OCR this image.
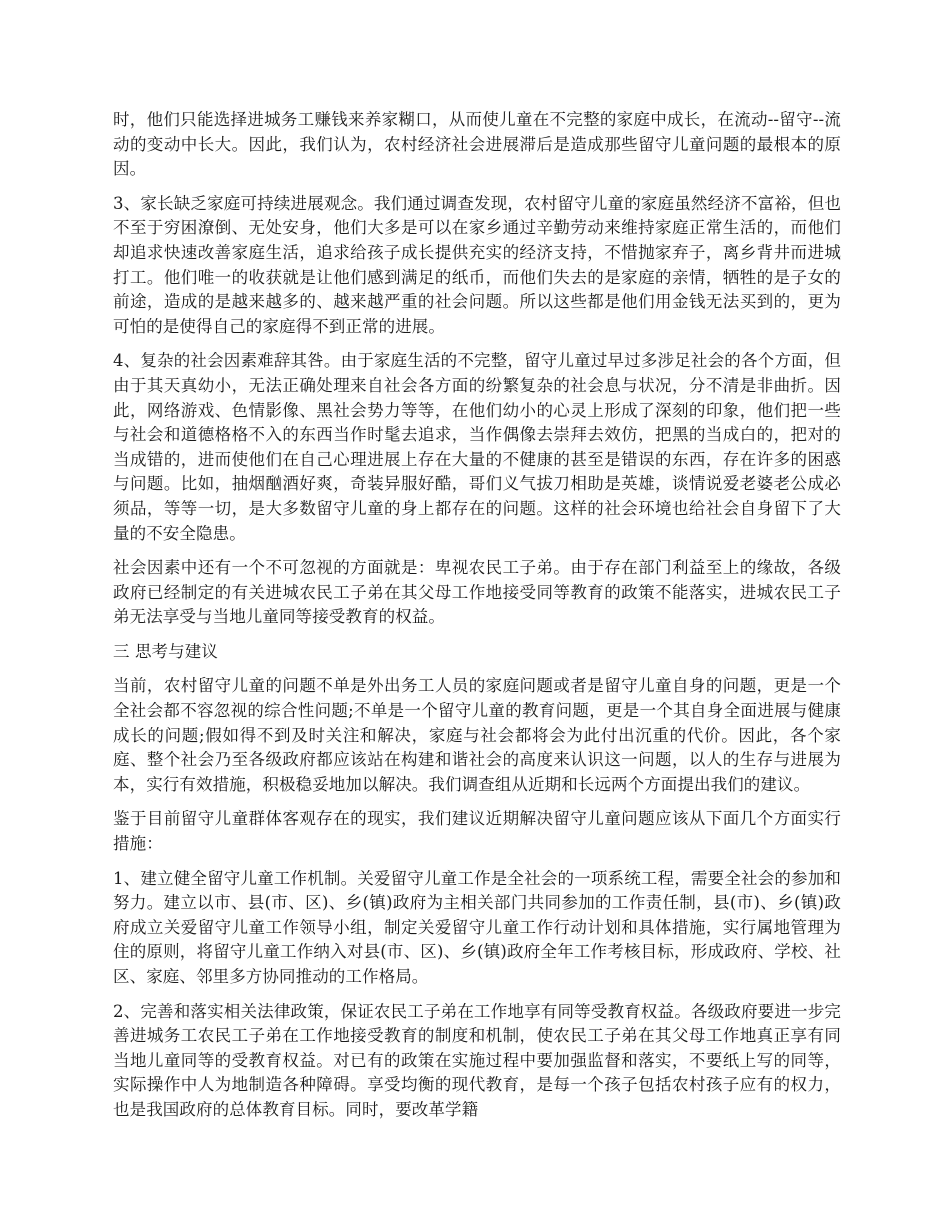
时，他们只能选择进城务工赚钱来养家糊口，从而使儿童在不完整的家庭中成长，在流动--留守--流动的变动中长大。因此，我们认为，农村经济社会进展滞后是造成那些留守儿童问题的最根本的原因。

3、家长缺乏家庭可持续进展观念。我们通过调查发现，农村留守儿童的家庭虽然经济不富裕，但也不至于穷困潦倒、无处安身，他们大多是可以在家乡通过辛勤劳动来维持家庭正常生活的，而他们却追求快速改善家庭生活，追求给孩子成长提供充实的经济支持，不惜抛家弃子，离乡背井而进城打工。他们唯一的收获就是让他们感到满足的纸币，而他们失去的是家庭的亲情，牺牲的是子女的前途，造成的是越来越多的、越来越严重的社会问题。所以这些都是他们用金钱无法买到的，更为可怕的是使得自己的家庭得不到正常的进展。

4、复杂的社会因素难辞其咎。由于家庭生活的不完整，留守儿童过早过多涉足社会的各个方面，但由于其天真幼小，无法正确处理来自社会各方面的纷繁复杂的社会息与状况，分不清是非曲折。因此，网络游戏、色情影像、黑社会势力等等，在他们幼小的心灵上形成了深刻的印象，他们把一些与社会和道德格格不入的东西当作时髦去追求，当作偶像去崇拜去效仿，把黑的当成白的，把对的当成错的，进而使他们在自己心理进展上存在大量的不健康的甚至是错误的东西，存在许多的困惑与问题。比如，抽烟酗酒好爽，奇装异服好酷，哥们义气拔刀相助是英雄，谈情说爱老婆老公成必须品，等等一切，是大多数留守儿童的身上都存在的问题。这样的社会环境也给社会自身留下了大量的不安全隐患。

社会因素中还有一个不可忽视的方面就是：卑视农民工子弟。由于存在部门利益至上的缘故，各级政府已经制定的有关进城农民工子弟在其父母工作地接受同等教育的政策不能落实，进城农民工子弟无法享受与当地儿童同等接受教育的权益。

三 思考与建议

当前，农村留守儿童的问题不单是外出务工人员的家庭问题或者是留守儿童自身的问题，更是一个全社会都不容忽视的综合性问题;不单是一个留守儿童的教育问题，更是一个其自身全面进展与健康成长的问题;假如得不到及时关注和解决，家庭与社会都将会为此付出沉重的代价。因此，各个家庭、整个社会乃至各级政府都应该站在构建和谐社会的高度来认识这一问题，以人的生存与进展为本，实行有效措施，积极稳妥地加以解决。我们调查组从近期和长远两个方面提出我们的建议。

鉴于目前留守儿童群体客观存在的现实，我们建议近期解决留守儿童问题应该从下面几个方面实行措施：

1、建立健全留守儿童工作机制。关爱留守儿童工作是全社会的一项系统工程，需要全社会的参加和努力。建立以市、县(市、区)、乡(镇)政府为主相关部门共同参加的工作责任制，县(市)、乡(镇)政府成立关爱留守儿童工作领导小组，制定关爱留守儿童工作行动计划和具体措施，实行属地管理为住的原则，将留守儿童工作纳入对县(市、区)、乡(镇)政府全年工作考核目标，形成政府、学校、社区、家庭、邻里多方协同推动的工作格局。

2、完善和落实相关法律政策，保证农民工子弟在工作地享有同等受教育权益。各级政府要进一步完善进城务工农民工子弟在工作地接受教育的制度和机制，使农民工子弟在其父母工作地真正享有同当地儿童同等的受教育权益。对已有的政策在实施过程中要加强监督和落实，不要纸上写的同等，实际操作中人为地制造各种障碍。享受均衡的现代教育，是每一个孩子包括农村孩子应有的权力，也是我国政府的总体教育目标。同时，要改革学籍
